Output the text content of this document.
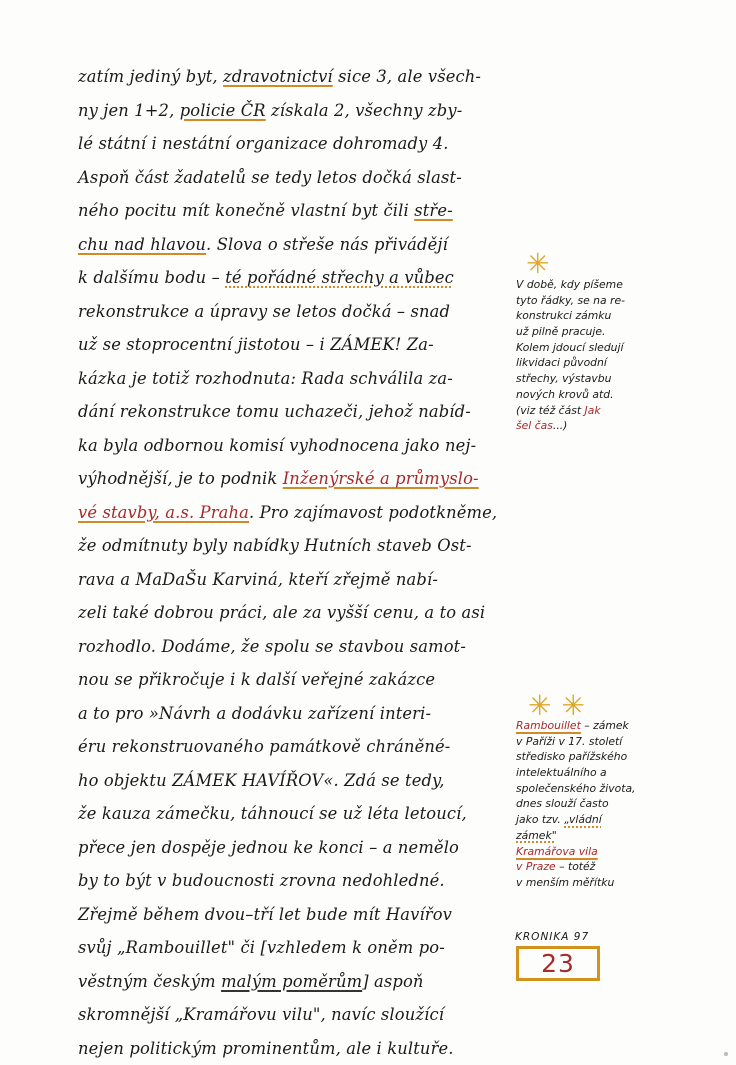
zatím jediný byt, zdravotnictví sice 3, ale všech-
ny jen 1+2, policie ČR získala 2, všechny zby-
lé státní i nestátní organizace dohromady 4.
Aspoň část žadatelů se tedy letos dočká slast-
ného pocitu mít konečně vlastní byt čili stře-
chu nad hlavou. Slova o střeše nás přivádějí
k dalšímu bodu – té pořádné střechy a vůbec
rekonstrukce a úpravy se letos dočká – snad
už se stoprocentní jistotou – i ZÁMEK! Za-
kázka je totiž rozhodnuta: Rada schválila za-
dání rekonstrukce tomu uchazeči, jehož nabíd-
ka byla odbornou komisí vyhodnocena jako nej-
výhodnější, je to podnik Inženýrské a průmyslo-
vé stavby, a.s. Praha. Pro zajímavost podotkněme,
že odmítnuty byly nabídky Hutních staveb Ost-
rava a MaDaŠu Karviná, kteří zřejmě nabí-
zeli také dobrou práci, ale za vyšší cenu, a to asi
rozhodlo. Dodáme, že spolu se stavbou samot-
nou se přikročuje i k další veřejné zakázce
a to pro »Návrh a dodávku zařízení interi-
éru rekonstruovaného památkově chráněné-
ho objektu ZÁMEK HAVÍŘOV«. Zdá se tedy,
že kauza zámečku, táhnoucí se už léta letoucí,
přece jen dospěje jednou ke konci – a nemělo
by to být v budoucnosti zrovna nedohledné.
Zřejmě během dvou–tří let bude mít Havířov
svůj „Rambouillet" či [vzhledem k oněm po-
věstným českým malým poměrům] aspoň
skromnější „Kramářovu vilu", navíc sloužící
nejen politickým prominentům, ale i kultuře.
✳
V době, kdy píšeme
tyto řádky, se na re-
konstrukci zámku
už pilně pracuje.
Kolem jdoucí sledují
likvidaci původní
střechy, výstavbu
nových krovů atd.
(viz též část Jak
šel čas...)
✳✳
Rambouillet – zámek
v Paříži v 17. století
středisko pařížského
intelektuálního a
společenského života,
dnes slouží často
jako tzv. „vládní
zámek"
Kramářova vila
v Praze – totéž
v menším měřítku
KRONIKA 97
23
